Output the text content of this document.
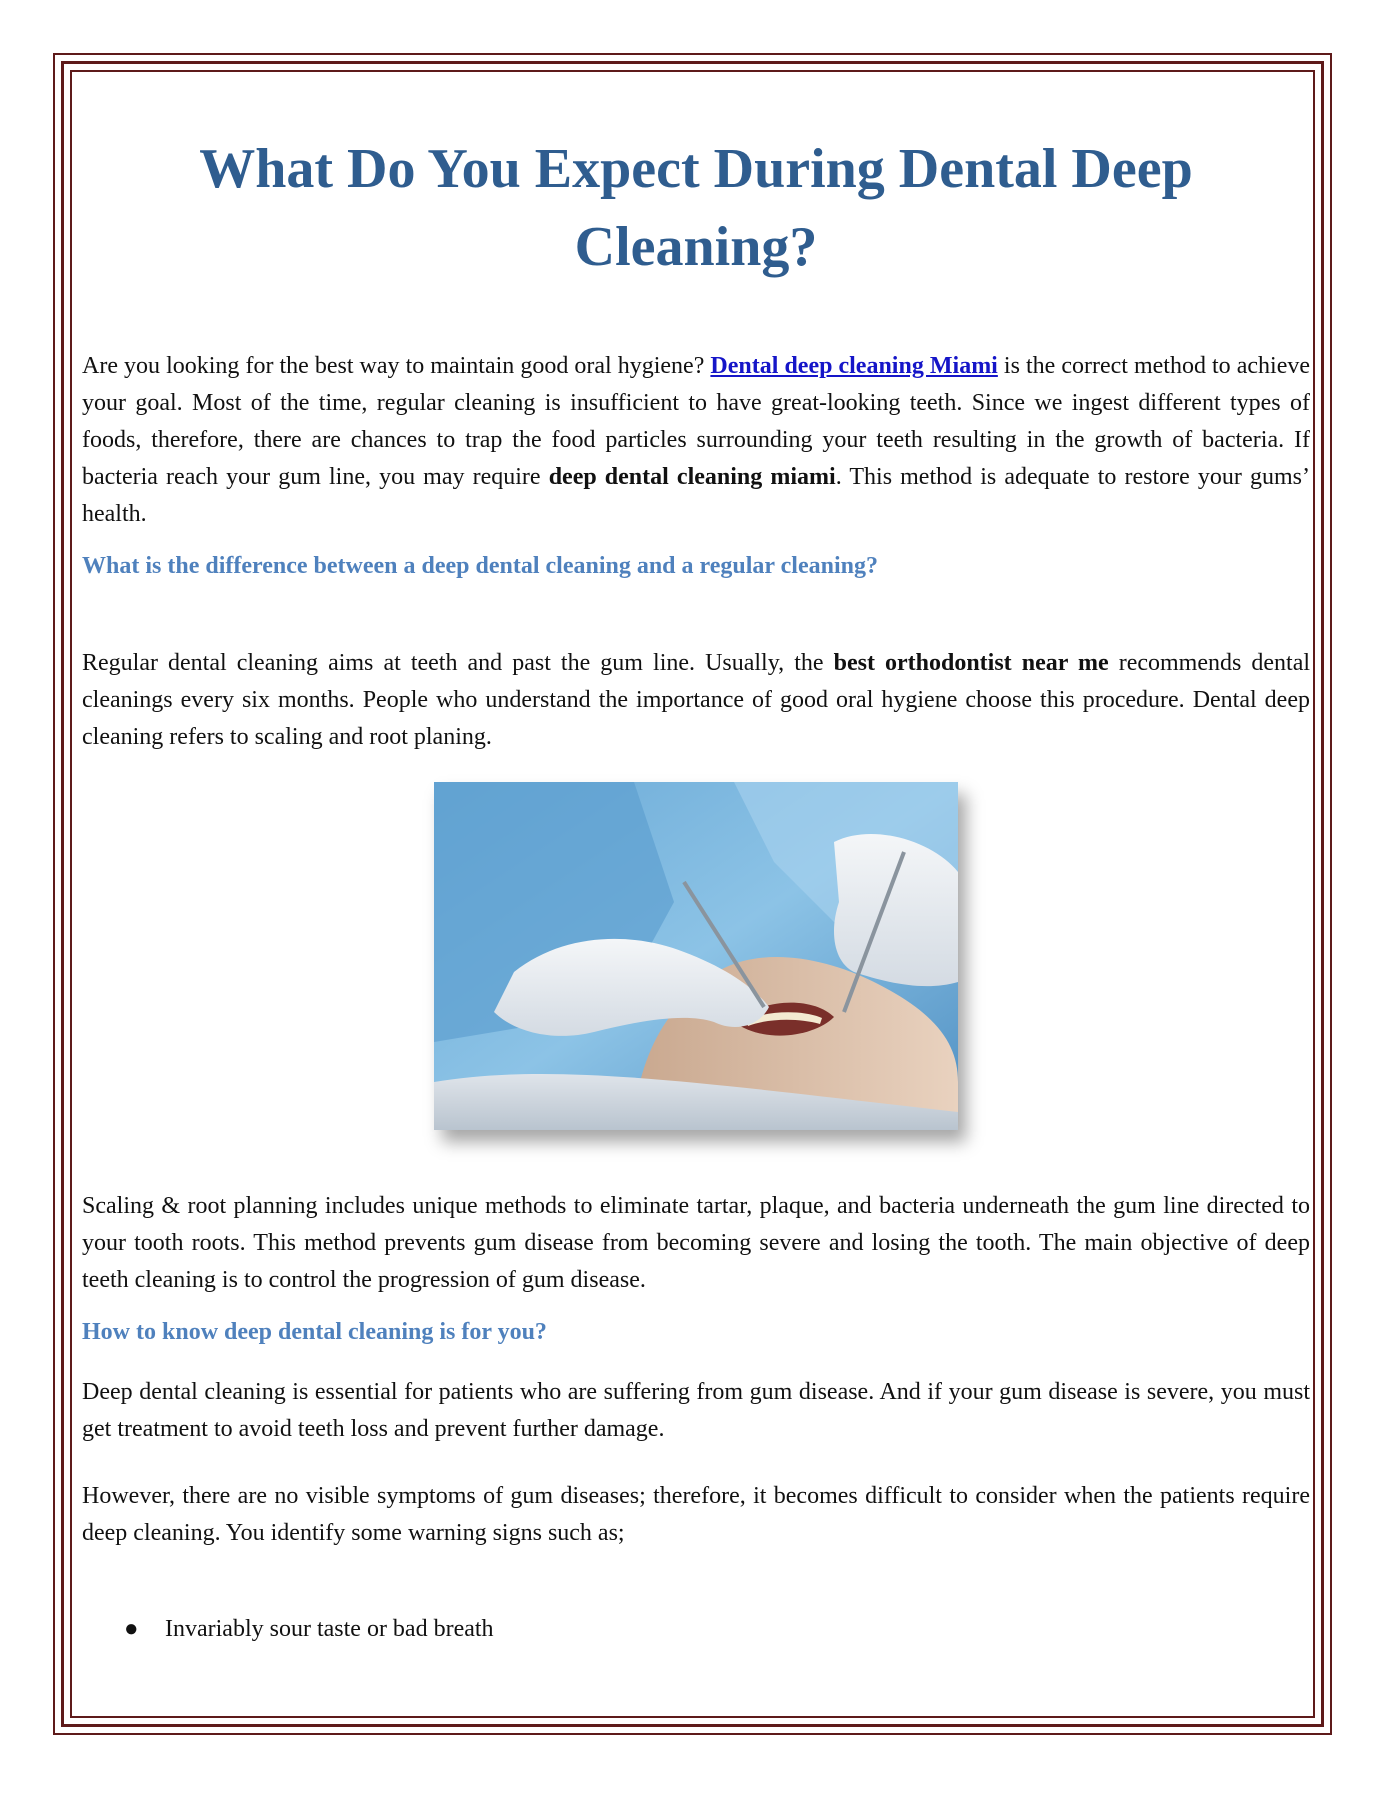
What Do You Expect During Dental Deep Cleaning?

Are you looking for the best way to maintain good oral hygiene? Dental deep cleaning Miami is the correct method to achieve your goal. Most of the time, regular cleaning is insufficient to have great-looking teeth. Since we ingest different types of foods, therefore, there are chances to trap the food particles surrounding your teeth resulting in the growth of bacteria. If bacteria reach your gum line, you may require deep dental cleaning miami. This method is adequate to restore your gums’ health.

What is the difference between a deep dental cleaning and a regular cleaning?

Regular dental cleaning aims at teeth and past the gum line. Usually, the best orthodontist near me recommends dental cleanings every six months. People who understand the importance of good oral hygiene choose this procedure. Dental deep cleaning refers to scaling and root planing.

Scaling & root planning includes unique methods to eliminate tartar, plaque, and bacteria underneath the gum line directed to your tooth roots. This method prevents gum disease from becoming severe and losing the tooth. The main objective of deep teeth cleaning is to control the progression of gum disease.

How to know deep dental cleaning is for you?

Deep dental cleaning is essential for patients who are suffering from gum disease. And if your gum disease is severe, you must get treatment to avoid teeth loss and prevent further damage.

However, there are no visible symptoms of gum diseases; therefore, it becomes difficult to consider when the patients require deep cleaning. You identify some warning signs such as;

● Invariably sour taste or bad breath
